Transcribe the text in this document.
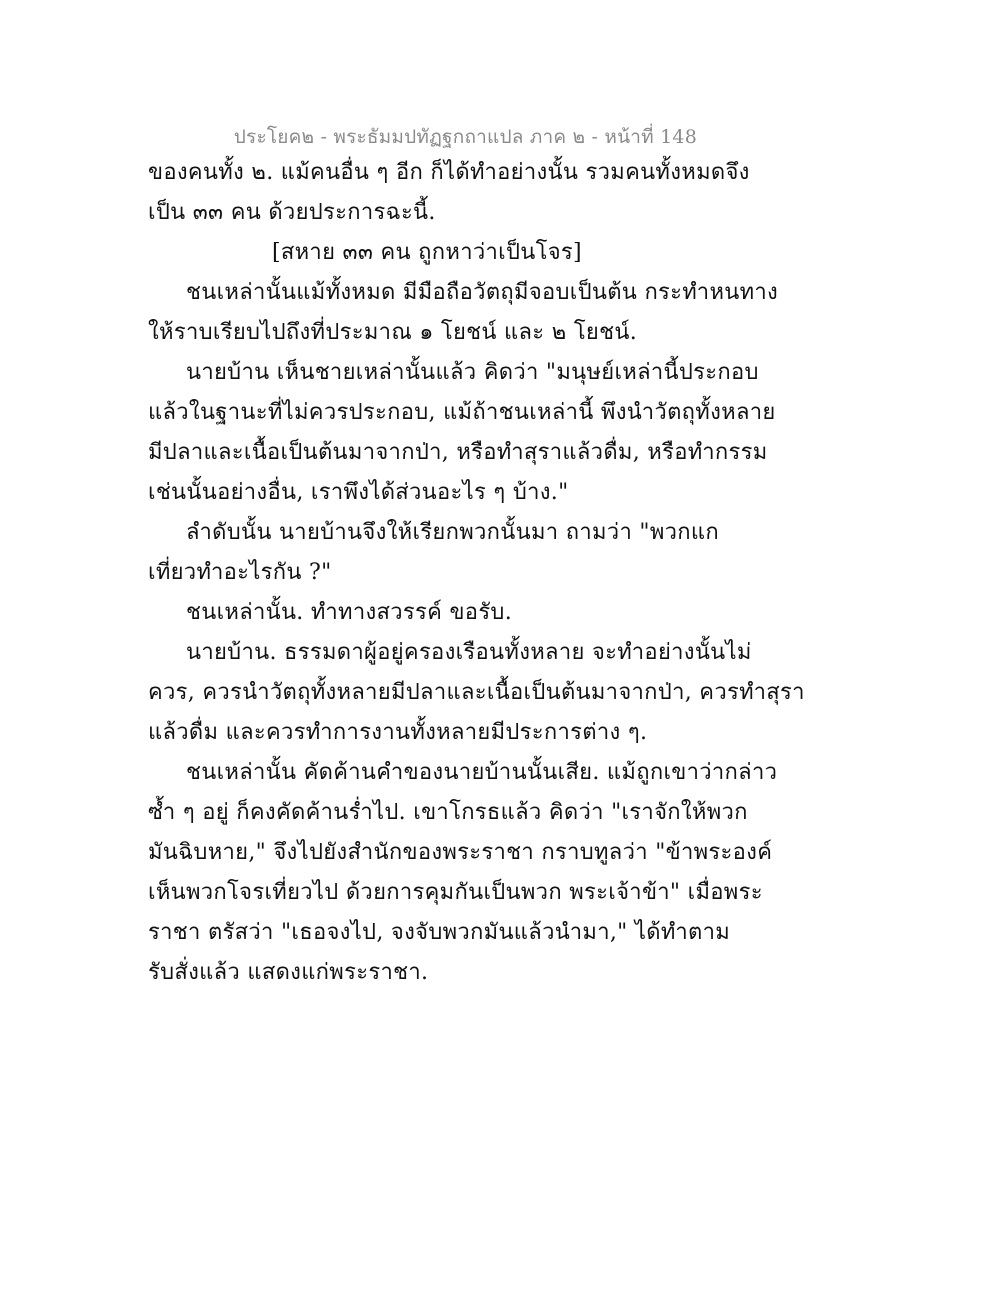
ประโยค๒ - พระธัมมปทัฏฐกถาแปล ภาค ๒ - หน้าที่ 148
ของคนทั้ง ๒. แม้คนอื่น ๆ อีก ก็ได้ทำอย่างนั้น รวมคนทั้งหมดจึง
เป็น ๓๓ คน ด้วยประการฉะนี้.
[สหาย ๓๓ คน ถูกหาว่าเป็นโจร]
ชนเหล่านั้นแม้ทั้งหมด มีมือถือวัตถุมีจอบเป็นต้น กระทำหนทาง
ให้ราบเรียบไปถึงที่ประมาณ ๑ โยชน์ และ ๒ โยชน์.
นายบ้าน เห็นชายเหล่านั้นแล้ว คิดว่า "มนุษย์เหล่านี้ประกอบ
แล้วในฐานะที่ไม่ควรประกอบ, แม้ถ้าชนเหล่านี้ พึงนำวัตถุทั้งหลาย
มีปลาและเนื้อเป็นต้นมาจากป่า, หรือทำสุราแล้วดื่ม, หรือทำกรรม
เช่นนั้นอย่างอื่น, เราพึงได้ส่วนอะไร ๆ บ้าง."
ลำดับนั้น นายบ้านจึงให้เรียกพวกนั้นมา ถามว่า "พวกแก
เที่ยวทำอะไรกัน ?"
ชนเหล่านั้น. ทำทางสวรรค์ ขอรับ.
นายบ้าน. ธรรมดาผู้อยู่ครองเรือนทั้งหลาย จะทำอย่างนั้นไม่
ควร, ควรนำวัตถุทั้งหลายมีปลาและเนื้อเป็นต้นมาจากป่า, ควรทำสุรา
แล้วดื่ม และควรทำการงานทั้งหลายมีประการต่าง ๆ.
ชนเหล่านั้น คัดค้านคำของนายบ้านนั้นเสีย. แม้ถูกเขาว่ากล่าว
ซ้ำ ๆ อยู่ ก็คงคัดค้านร่ำไป. เขาโกรธแล้ว คิดว่า "เราจักให้พวก
มันฉิบหาย," จึงไปยังสำนักของพระราชา กราบทูลว่า "ข้าพระองค์
เห็นพวกโจรเที่ยวไป ด้วยการคุมกันเป็นพวก พระเจ้าข้า" เมื่อพระ
ราชา ตรัสว่า "เธอจงไป, จงจับพวกมันแล้วนำมา," ได้ทำตาม
รับสั่งแล้ว แสดงแก่พระราชา.
